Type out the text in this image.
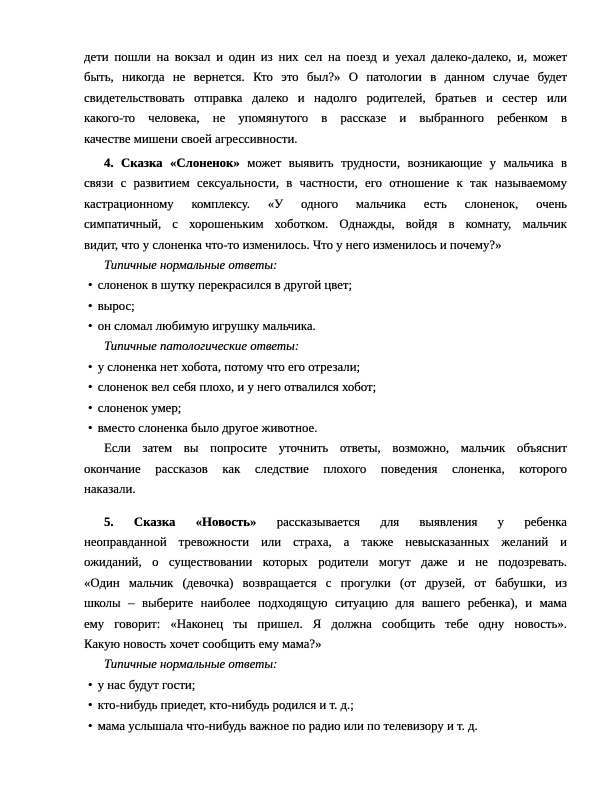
дети пошли на вокзал и один из них сел на поезд и уехал далеко-далеко, и, может
быть, никогда не вернется. Кто это был?» О патологии в данном случае будет
свидетельствовать отправка далеко и надолго родителей, братьев и сестер или
какого-то человека, не упомянутого в рассказе и выбранного ребенком в
качестве мишени своей агрессивности.
4. Сказка «Слоненок» может выявить трудности, возникающие у мальчика в
связи с развитием сексуальности, в частности, его отношение к так называемому
кастрационному комплексу. «У одного мальчика есть слоненок, очень
симпатичный, с хорошеньким хоботком. Однажды, войдя в комнату, мальчик
видит, что у слоненка что-то изменилось. Что у него изменилось и почему?»
Типичные нормальные ответы:
• слоненок в шутку перекрасился в другой цвет;
• вырос;
• он сломал любимую игрушку мальчика.
Типичные патологические ответы:
• у слоненка нет хобота, потому что его отрезали;
• слоненок вел себя плохо, и у него отвалился хобот;
• слоненок умер;
• вместо слоненка было другое животное.
Если затем вы попросите уточнить ответы, возможно, мальчик объяснит
окончание рассказов как следствие плохого поведения слоненка, которого
наказали.
5. Сказка «Новость» рассказывается для выявления у ребенка
неоправданной тревожности или страха, а также невысказанных желаний и
ожиданий, о существовании которых родители могут даже и не подозревать.
«Один мальчик (девочка) возвращается с прогулки (от друзей, от бабушки, из
школы – выберите наиболее подходящую ситуацию для вашего ребенка), и мама
ему говорит: «Наконец ты пришел. Я должна сообщить тебе одну новость».
Какую новость хочет сообщить ему мама?»
Типичные нормальные ответы:
• у нас будут гости;
• кто-нибудь приедет, кто-нибудь родился и т. д.;
• мама услышала что-нибудь важное по радио или по телевизору и т. д.
